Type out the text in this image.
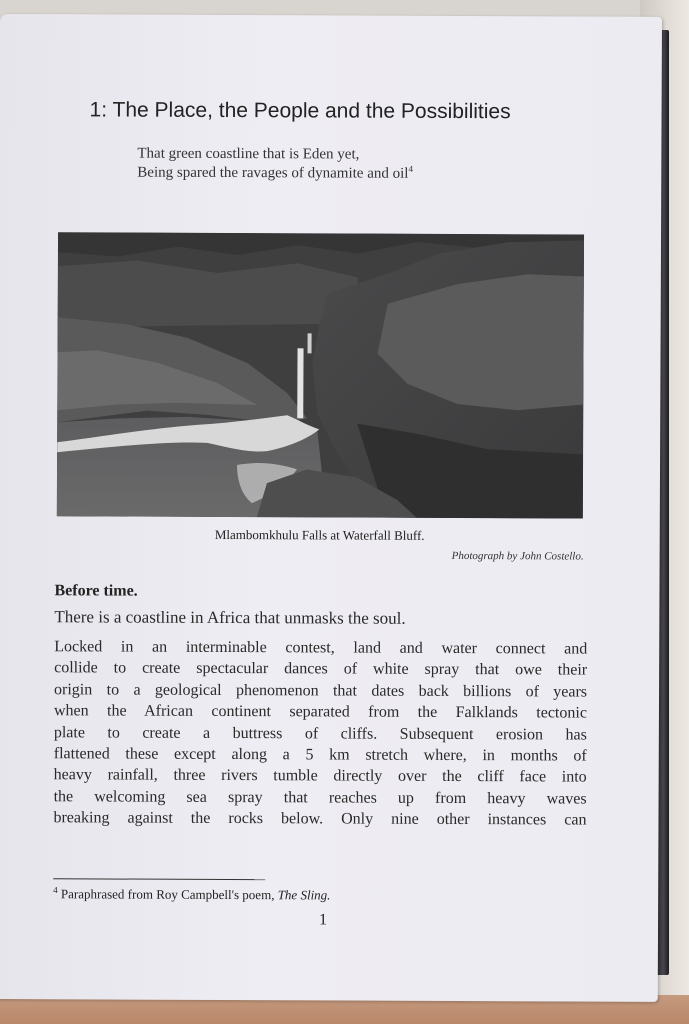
1: The Place, the People and the Possibilities
That green coastline that is Eden yet,
Being spared the ravages of dynamite and oil$^4$
Mlambomkhulu Falls at Waterfall Bluff.
Photograph by John Costello.
Before time.
There is a coastline in Africa that unmasks the soul.
Locked in an interminable contest, land and water connect and
collide to create spectacular dances of white spray that owe their
origin to a geological phenomenon that dates back billions of years
when the African continent separated from the Falklands tectonic
plate to create a buttress of cliffs. Subsequent erosion has
flattened these except along a 5 km stretch where, in months of
heavy rainfall, three rivers tumble directly over the cliff face into
the welcoming sea spray that reaches up from heavy waves
breaking against the rocks below. Only nine other instances can
$^4$ Paraphrased from Roy Campbell's poem, The Sling.
1
